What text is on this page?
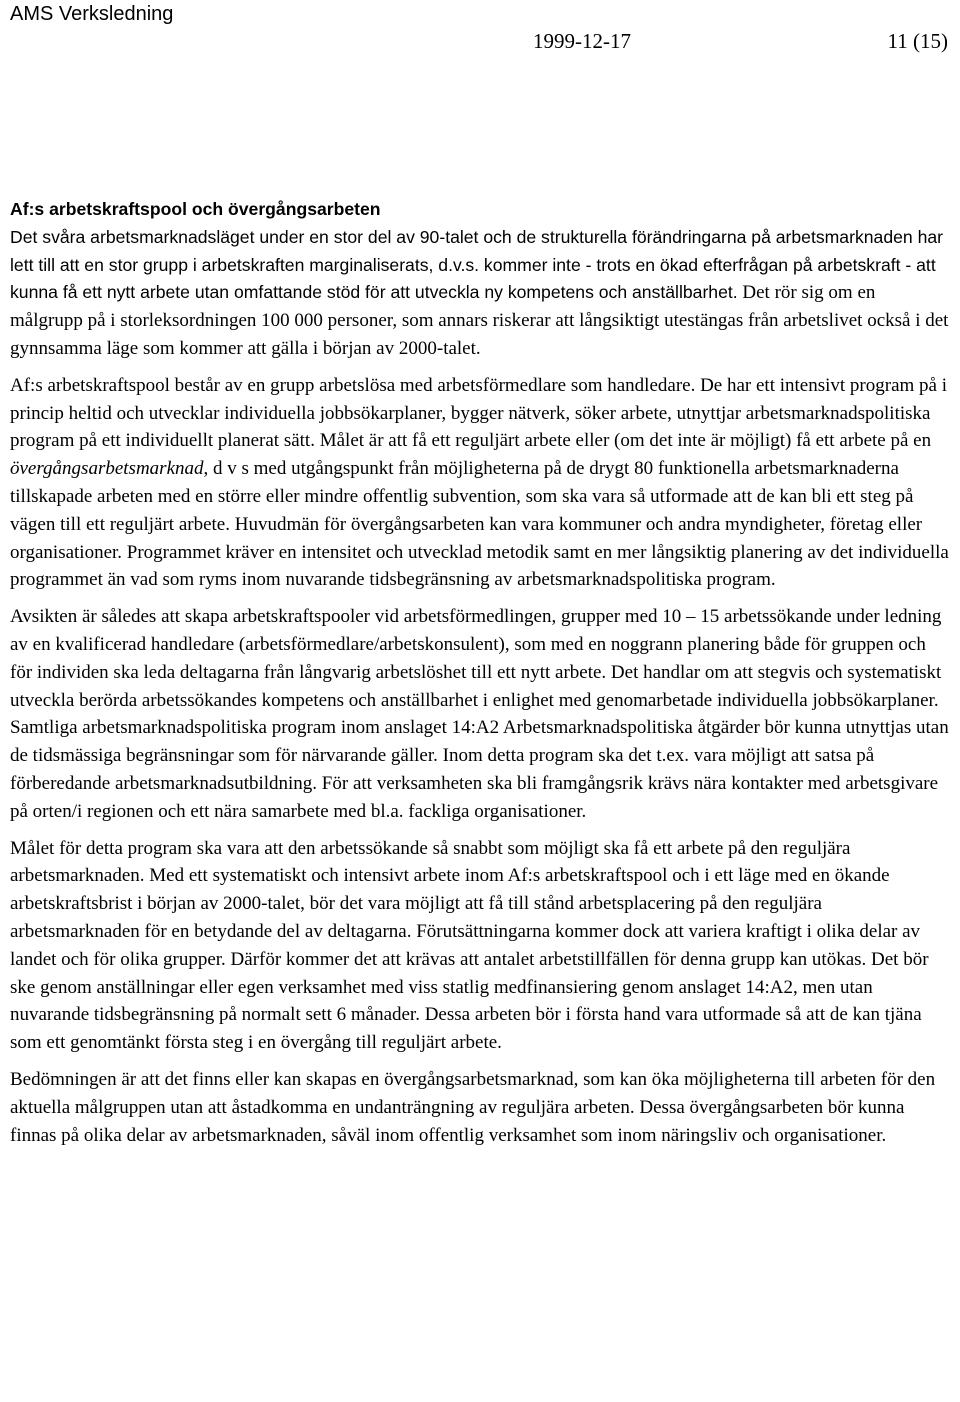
AMS Verksledning
1999-12-17	11 (15)
Af:s arbetskraftspool och övergångsarbeten
Det svåra arbetsmarknadsläget under en stor del av 90-talet och de strukturella förändringarna på arbetsmarknaden har lett till att en stor grupp i arbetskraften marginaliserats, d.v.s. kommer inte - trots en ökad efterfrågan på arbetskraft - att kunna få ett nytt arbete utan omfattande stöd för att utveckla ny kompetens och anställbarhet. Det rör sig om en målgrupp på i storleksordningen 100 000 personer, som annars riskerar att långsiktigt utestängas från arbetslivet också i det gynnsamma läge som kommer att gälla i början av 2000-talet.
Af:s arbetskraftspool består av en grupp arbetslösa med arbetsförmedlare som handledare. De har ett intensivt program på i princip heltid och utvecklar individuella jobbsökarplaner, bygger nätverk, söker arbete, utnyttjar arbetsmarknadspolitiska program på ett individuellt planerat sätt. Målet är att få ett reguljärt arbete eller (om det inte är möjligt) få ett arbete på en övergångsarbetsmarknad, d v s med utgångspunkt från möjligheterna på de drygt 80 funktionella arbetsmarknaderna tillskapade arbeten med en större eller mindre offentlig subvention, som ska vara så utformade att de kan bli ett steg på vägen till ett reguljärt arbete. Huvudmän för övergångsarbeten kan vara kommuner och andra myndigheter, företag eller organisationer. Programmet kräver en intensitet och utvecklad metodik samt en mer långsiktig planering av det individuella programmet än vad som ryms inom nuvarande tidsbegränsning av arbetsmarknadspolitiska program.
Avsikten är således att skapa arbetskraftspooler vid arbetsförmedlingen, grupper med 10 – 15 arbetssökande under ledning av en kvalificerad handledare (arbetsförmedlare/arbetskonsulent), som med en noggrann planering både för gruppen och för individen ska leda deltagarna från långvarig arbetslöshet till ett nytt arbete. Det handlar om att stegvis och systematiskt utveckla berörda arbetssökandes kompetens och anställbarhet i enlighet med genomarbetade individuella jobbsökarplaner. Samtliga arbetsmarknadspolitiska program inom anslaget 14:A2 Arbetsmarknadspolitiska åtgärder bör kunna utnyttjas utan de tidsmässiga begränsningar som för närvarande gäller. Inom detta program ska det t.ex. vara möjligt att satsa på förberedande arbetsmarknadsutbildning. För att verksamheten ska bli framgångsrik krävs nära kontakter med arbetsgivare på orten/i regionen och ett nära samarbete med bl.a. fackliga organisationer.
Målet för detta program ska vara att den arbetssökande så snabbt som möjligt ska få ett arbete på den reguljära arbetsmarknaden. Med ett systematiskt och intensivt arbete inom Af:s arbetskraftspool och i ett läge med en ökande arbetskraftsbrist i början av 2000-talet, bör det vara möjligt att få till stånd arbetsplacering på den reguljära arbetsmarknaden för en betydande del av deltagarna. Förutsättningarna kommer dock att variera kraftigt i olika delar av landet och för olika grupper. Därför kommer det att krävas att antalet arbetstillfällen för denna grupp kan utökas. Det bör ske genom anställningar eller egen verksamhet med viss statlig medfinansiering genom anslaget 14:A2, men utan nuvarande tidsbegränsning på normalt sett 6 månader. Dessa arbeten bör i första hand vara utformade så att de kan tjäna som ett genomtänkt första steg i en övergång till reguljärt arbete.
Bedömningen är att det finns eller kan skapas en övergångsarbetsmarknad, som kan öka möjligheterna till arbeten för den aktuella målgruppen utan att åstadkomma en undanträngning av reguljära arbeten. Dessa övergångsarbeten bör kunna finnas på olika delar av arbetsmarknaden, såväl inom offentlig verksamhet som inom näringsliv och organisationer.
